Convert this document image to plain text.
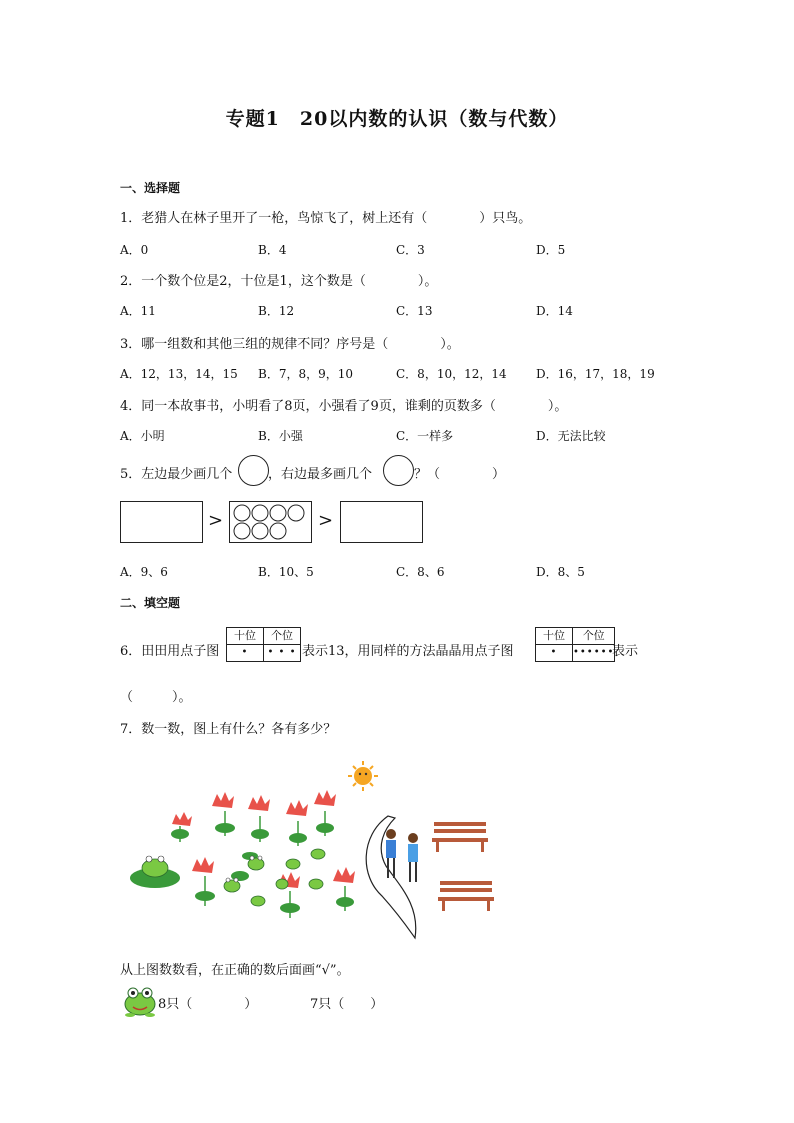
专题1　20以内数的认识（数与代数）
一、选择题
1．老猎人在林子里开了一枪，鸟惊飞了，树上还有（　　　　）只鸟。
A．0	B．4	C．3	D．5
2．一个数个位是2，十位是1，这个数是（　　　　）。
A．11	B．12	C．13	D．14
3．哪一组数和其他三组的规律不同？序号是（　　　　）。
A．12，13，14，15 B．7，8，9，10	C．8，10，12，14 D．16，17，18，19
4．同一本故事书，小明看了8页，小强看了9页，谁剩的页数多（　　　　）。
A．小明	B．小强	C．一样多	D．无法比较
5．左边最少画几个	，右边最多画几个	？（　　　　）
>	>
A．9、6	B．10、5	C．8、6	D．8、5
二、填空题
6．田田用点子图
十位	个位
•	• • • 表示13，用同样的方法晶晶用点子图
十位	个位
•	••••••
表示
（　　　）。
7．数一数，图上有什么？各有多少？
从上图数数看，在正确的数后面画“√”。
8只（　　　　）	7只（　　）
